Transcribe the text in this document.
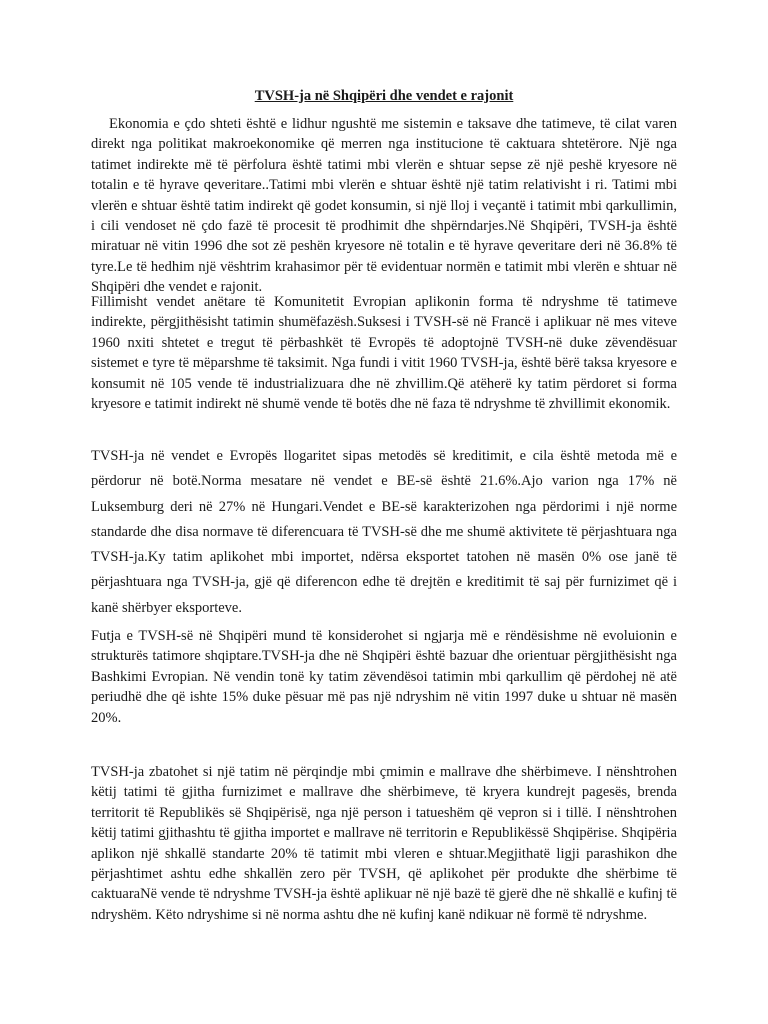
TVSH-ja në Shqipëri dhe vendet e rajonit

Ekonomia e çdo shteti është e lidhur ngushtë me sistemin e taksave dhe tatimeve, të cilat varen direkt nga politikat makroekonomike që merren nga institucione të caktuara shtetërore. Një nga tatimet indirekte më të përfolura është tatimi mbi vlerën e shtuar sepse zë një peshë kryesore në totalin e të hyrave qeveritare..Tatimi mbi vlerën e shtuar është një tatim relativisht i ri. Tatimi mbi vlerën e shtuar është tatim indirekt që godet konsumin, si një lloj i veçantë i tatimit mbi qarkullimin, i cili vendoset në çdo fazë të procesit të prodhimit dhe shpërndarjes.Në Shqipëri, TVSH-ja është miratuar në vitin 1996 dhe sot zë peshën kryesore në totalin e të hyrave qeveritare deri në 36.8% të tyre.Le të hedhim një vështrim krahasimor për të evidentuar normën e tatimit mbi vlerën e shtuar në Shqipëri dhe vendet e rajonit.

Fillimisht vendet anëtare të Komunitetit Evropian aplikonin forma të ndryshme të tatimeve indirekte, përgjithësisht tatimin shumëfazësh.Suksesi i TVSH-së në Francë i aplikuar në mes viteve 1960 nxiti shtetet e tregut të përbashkët të Evropës të adoptojnë TVSH-në duke zëvendësuar sistemet e tyre të mëparshme të taksimit. Nga fundi i vitit 1960 TVSH-ja, është bërë taksa kryesore e konsumit në 105 vende të industrializuara dhe në zhvillim.Që atëherë ky tatim përdoret si forma kryesore e tatimit indirekt në shumë vende të botës dhe në faza të ndryshme të zhvillimit ekonomik.

TVSH-ja në vendet e Evropës llogaritet sipas metodës së kreditimit, e cila është metoda më e përdorur në botë.Norma mesatare në vendet e BE-së është 21.6%.Ajo varion nga 17% në Luksemburg deri në 27% në Hungari.Vendet e BE-së karakterizohen nga përdorimi i një norme standarde dhe disa normave të diferencuara të TVSH-së dhe me shumë aktivitete të përjashtuara nga TVSH-ja.Ky tatim aplikohet mbi importet, ndërsa eksportet tatohen në masën 0% ose janë të përjashtuara nga TVSH-ja, gjë që diferencon edhe të drejtën e kreditimit të saj për furnizimet që i kanë shërbyer eksporteve.

Futja e TVSH-së në Shqipëri mund të konsiderohet si ngjarja më e rëndësishme në evoluionin e strukturës tatimore shqiptare.TVSH-ja dhe në Shqipëri është bazuar dhe orientuar përgjithësisht nga Bashkimi Evropian. Në vendin tonë ky tatim zëvendësoi tatimin mbi qarkullim që përdohej në atë periudhë dhe që ishte 15% duke pësuar më pas një ndryshim në vitin 1997 duke u shtuar në masën 20%.

TVSH-ja zbatohet si një tatim në përqindje mbi çmimin e mallrave dhe shërbimeve. I nënshtrohen këtij tatimi të gjitha furnizimet e mallrave dhe shërbimeve, të kryera kundrejt pagesës, brenda territorit të Republikës së Shqipërisë, nga një person i tatueshëm që vepron si i tillë. I nënshtrohen këtij tatimi gjithashtu të gjitha importet e mallrave në territorin e Republikëssë Shqipërise. Shqipëria aplikon një shkallë standarte 20% të tatimit mbi vleren e shtuar.Megjithatë ligji parashikon dhe përjashtimet ashtu edhe shkallën zero për TVSH, që aplikohet për produkte dhe shërbime të caktuaraNë vende të ndryshme TVSH-ja është aplikuar në një bazë të gjerë dhe në shkallë e kufinj të ndryshëm. Këto ndryshime si në norma ashtu dhe në kufinj kanë ndikuar në formë të ndryshme.
